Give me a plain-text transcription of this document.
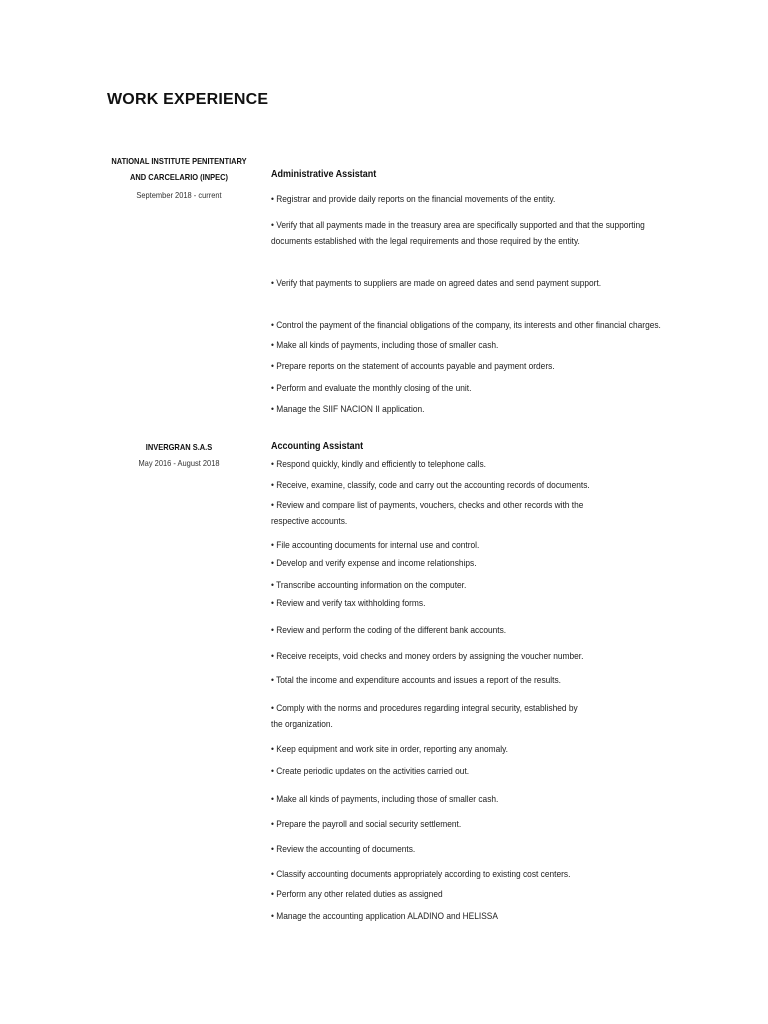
WORK EXPERIENCE
NATIONAL INSTITUTE PENITENTIARY AND CARCELARIO (INPEC)
September 2018 - current
Administrative Assistant
• Registrar and provide daily reports on the financial movements of the entity.
• Verify that all payments made in the treasury area are specifically supported and that the supporting documents established with the legal requirements and those required by the entity.
• Verify that payments to suppliers are made on agreed dates and send payment support.
• Control the payment of the financial obligations of the company, its interests and other financial charges.
• Make all kinds of payments, including those of smaller cash.
• Prepare reports on the statement of accounts payable and payment orders.
• Perform and evaluate the monthly closing of the unit.
• Manage the SIIF NACION II application.
INVERGRAN S.A.S
May 2016 - August 2018
Accounting Assistant
• Respond quickly, kindly and efficiently to telephone calls.
• Receive, examine, classify, code and carry out the accounting records of documents.
• Review and compare list of payments, vouchers, checks and other records with the respective accounts.
• File accounting documents for internal use and control.
• Develop and verify expense and income relationships.
• Transcribe accounting information on the computer.
• Review and verify tax withholding forms.
• Review and perform the coding of the different bank accounts.
• Receive receipts, void checks and money orders by assigning the voucher number.
• Total the income and expenditure accounts and issues a report of the results.
• Comply with the norms and procedures regarding integral security, established by the organization.
• Keep equipment and work site in order, reporting any anomaly.
• Create periodic updates on the activities carried out.
• Make all kinds of payments, including those of smaller cash.
• Prepare the payroll and social security settlement.
• Review the accounting of documents.
• Classify accounting documents appropriately according to existing cost centers.
• Perform any other related duties as assigned
• Manage the accounting application ALADINO and HELISSA
